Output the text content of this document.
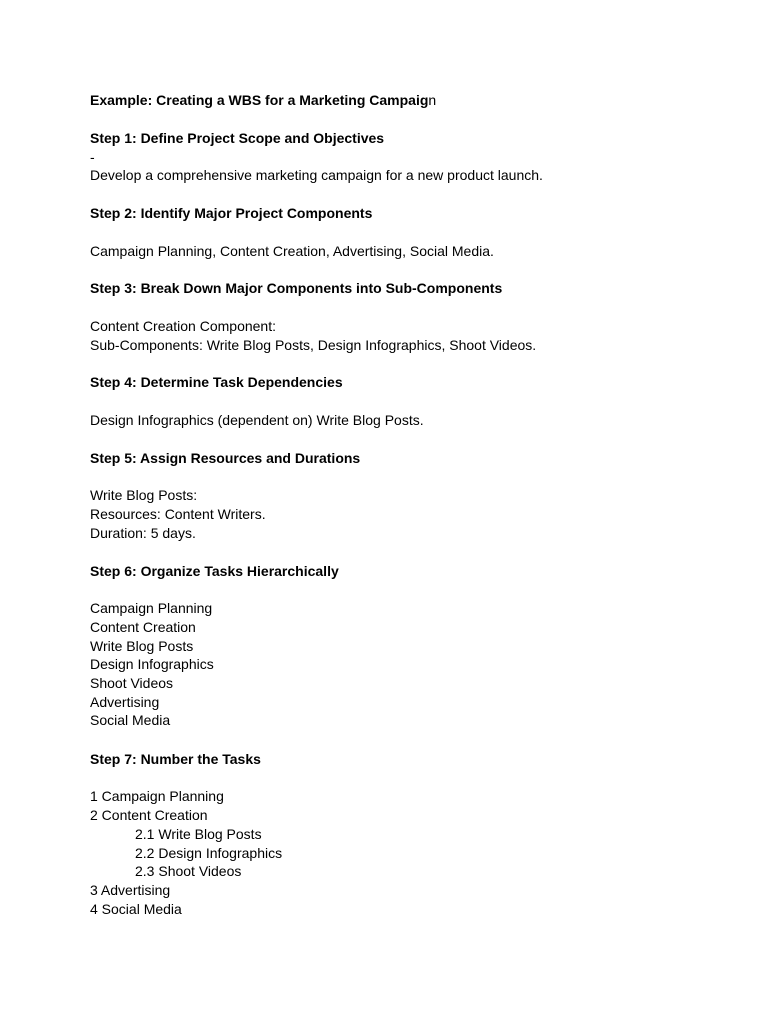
Example: Creating a WBS for a Marketing Campaign
Step 1: Define Project Scope and Objectives
-
Develop a comprehensive marketing campaign for a new product launch.
Step 2: Identify Major Project Components
Campaign Planning, Content Creation, Advertising, Social Media.
Step 3: Break Down Major Components into Sub-Components
Content Creation Component:
Sub-Components: Write Blog Posts, Design Infographics, Shoot Videos.
Step 4: Determine Task Dependencies
Design Infographics (dependent on) Write Blog Posts.
Step 5: Assign Resources and Durations
Write Blog Posts:
Resources: Content Writers.
Duration: 5 days.
Step 6: Organize Tasks Hierarchically
Campaign Planning
Content Creation
Write Blog Posts
Design Infographics
Shoot Videos
Advertising
Social Media
Step 7: Number the Tasks
1 Campaign Planning
2 Content Creation
2.1 Write Blog Posts
2.2 Design Infographics
2.3 Shoot Videos
3 Advertising
4 Social Media
